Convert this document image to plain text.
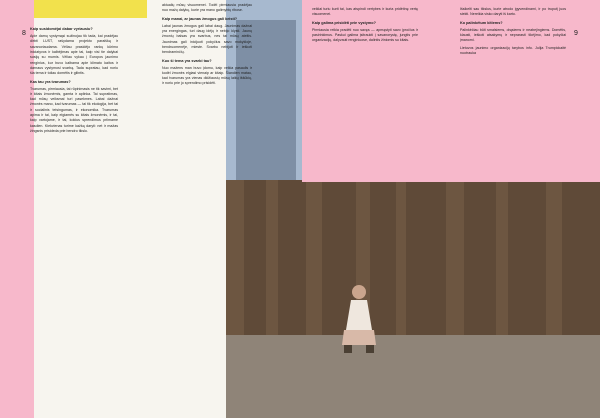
8	9
Kaip susidomėjai dabar vyriausiu?

Apie darnų vystymąsi sužinojau tik tada, kai pradėjau dirbti LUST, rašydama projekto paraišką ir savanoriaudama. Vėliau prasidėjo rankų kūrimo iniciatyvos ir kalbėjimas apie tai, kaip visi tie dalykai susiję su mumis. Vėliau vykau į Europos jaunimo renginius, kur buvo kalbama apie klimato kaitos ir darnaus vystymosi svarbą. Tada supratau, kad noriu šia tema ir toliau domėtis ir gilintis.

Kas tau yra tvarumas?

Tvarumas, pirmiausia, tai rūpinimasis ne tik savimi, bet ir kitais žmonėmis, gamta ir aplinka. Tai supratimas, kad mūsų veiksmai turi pasekmes. Labai dažnai žmonės mano, kad tvarumas — tai tik ekologija, bet tai ir socialinis teisingumas, ir ekonomika. Tvarumas apima ir tai, kaip elgiamės su kitais žmonėmis, ir tai, kaip vartojame, ir tai, kokius sprendimus priimame kasdien. Kiekvienas turime kažką daryti: net ir mažas žingsnis prisideda prie bendro tikslo.

aktualių mūsų visuomenei. Todėl pirmiausia pradėjau nuo mažų dalykų, kurie yra mano galimybių ribose.

Kaip manai, ar jaunas žmogus gali keisti?

Labai jaunas žmogus gali labai daug. Jaunimas dažnai yra energingas, turi daug idėjų ir nebijo klysti. Jaunų žmonių balsas yra svarbus, nes tai mūsų ateitis. Jaunimas gali inicijuoti pokyčius savo mokykloje, bendruomenėje, mieste. Svarbu nebijoti ir ieškoti bendraminčių.

Kuo ši tema yra svarbi tau?

Nuo mažens man buvo įdomu, kaip veikia pasaulis ir kodėl žmonės elgiasi vienaip ar kitaip. Šiandien matau, kad tvarumas yra vienas didžiausių mūsų laikų iššūkių, ir noriu prie jo sprendimo prisidėti.

veiklai turiu kurti tai, kas atspindi vertybes ir kuria pridėtinę vertę visuomenei.

Kaip galima prisidėti prie vystymo?

Pirmiausia reikia pradėti nuo savęs — apmąstyti savo įpročius ir pasirinkimus. Paskui galima įsitraukti į savanorystę, jungtis prie organizacijų, dalyvauti renginiuose, dalintis žiniomis su kitais.

Išsikelti sau tikslus, kurie atrodo įgyvendinami, ir po truputį juos siekti. Nereikia visko daryti iš karto.

Ko palinkėtum kitiems?

Palinkėčiau būti smalsiems, drąsiems ir neabejingiems. Domėtis, klausti, ieškoti atsakymų ir neprarasti tikėjimo, kad pokyčiai įmanomi.

Lietuvos jaunimo organizacijų tarybos info. Julija Trumpickaitė nuotrauka
